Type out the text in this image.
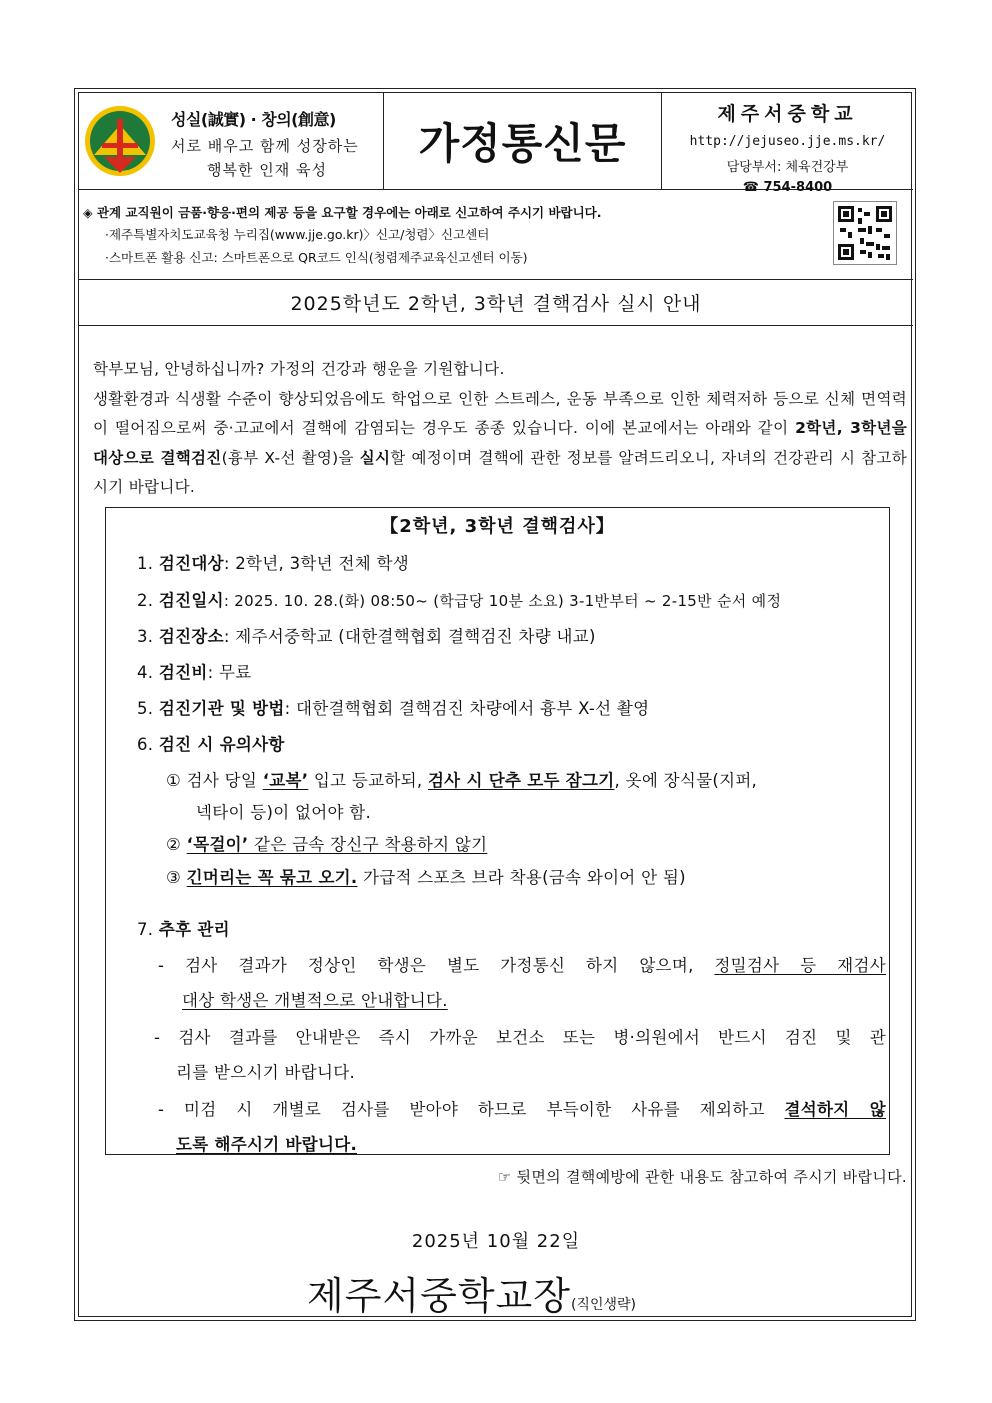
성실(誠實) · 창의(創意)
서로 배우고 함께 성장하는
행복한 인재 육성
가정통신문
제주서중학교
http://jejuseo.jje.ms.kr/
담당부서: 체육건강부
☎ 754-8400
◈ 관계 교직원이 금품·향응·편의 제공 등을 요구할 경우에는 아래로 신고하여 주시기 바랍니다.
·제주특별자치도교육청 누리집(www.jje.go.kr)〉신고/청렴〉신고센터
·스마트폰 활용 신고: 스마트폰으로 QR코드 인식(청렴제주교육신고센터 이동)
2025학년도 2학년, 3학년 결핵검사 실시 안내

학부모님, 안녕하십니까? 가정의 건강과 행운을 기원합니다.

생활환경과 식생활 수준이 향상되었음에도 학업으로 인한 스트레스, 운동 부족으로 인한 체력저하 등으로 신체 면역력이 떨어짐으로써 중·고교에서 결핵에 감염되는 경우도 종종 있습니다. 이에 본교에서는 아래와 같이 2학년, 3학년을 대상으로 결핵검진(흉부 X-선 촬영)을 실시할 예정이며 결핵에 관한 정보를 알려드리오니, 자녀의 건강관리 시 참고하시기 바랍니다.

【2학년, 3학년 결핵검사】
1. 검진대상: 2학년, 3학년 전체 학생
2. 검진일시: 2025. 10. 28.(화) 08:50~ (학급당 10분 소요) 3-1반부터 ~ 2-15반 순서 예정
3. 검진장소: 제주서중학교 (대한결핵협회 결핵검진 차량 내교)
4. 검진비: 무료
5. 검진기관 및 방법: 대한결핵협회 결핵검진 차량에서 흉부 X-선 촬영
6. 검진 시 유의사항
① 검사 당일 ‘교복’ 입고 등교하되, 검사 시 단추 모두 잠그기, 옷에 장식물(지퍼,
넥타이 등)이 없어야 함.
② ‘목걸이’ 같은 금속 장신구 착용하지 않기
③ 긴머리는 꼭 묶고 오기. 가급적 스포츠 브라 착용(금속 와이어 안 됨)
7. 추후 관리
- 검사 결과가 정상인 학생은 별도 가정통신 하지 않으며, 정밀검사 등 재검사
대상 학생은 개별적으로 안내합니다.
- 검사 결과를 안내받은 즉시 가까운 보건소 또는 병·의원에서 반드시 검진 및 관
리를 받으시기 바랍니다.
- 미검 시 개별로 검사를 받아야 하므로 부득이한 사유를 제외하고 결석하지 않
도록 해주시기 바랍니다.
☞ 뒷면의 결핵예방에 관한 내용도 참고하여 주시기 바랍니다.
2025년 10월 22일
제주서중학교장(직인생략)
